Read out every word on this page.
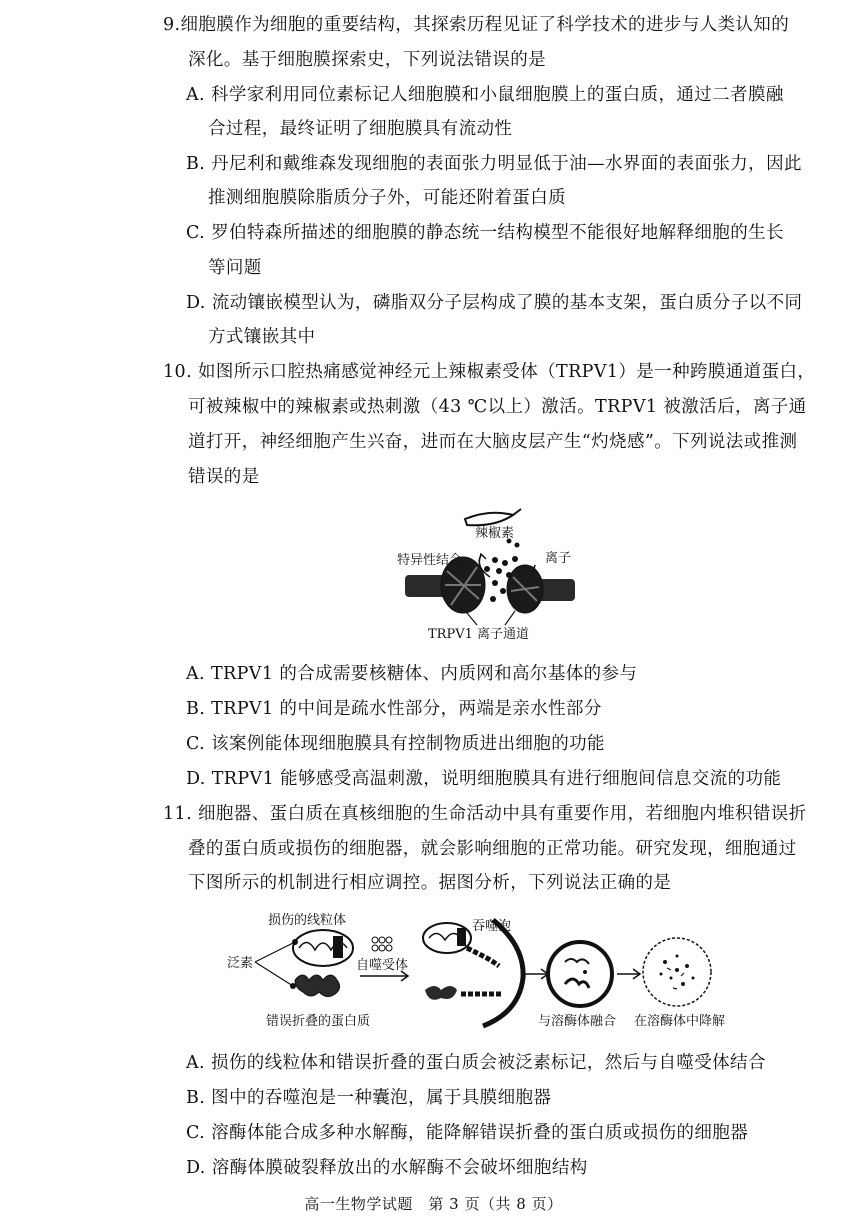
9.细胞膜作为细胞的重要结构，其探索历程见证了科学技术的进步与人类认知的
深化。基于细胞膜探索史，下列说法错误的是
A. 科学家利用同位素标记人细胞膜和小鼠细胞膜上的蛋白质，通过二者膜融
合过程，最终证明了细胞膜具有流动性
B. 丹尼利和戴维森发现细胞的表面张力明显低于油—水界面的表面张力，因此
推测细胞膜除脂质分子外，可能还附着蛋白质
C. 罗伯特森所描述的细胞膜的静态统一结构模型不能很好地解释细胞的生长
等问题
D. 流动镶嵌模型认为，磷脂双分子层构成了膜的基本支架，蛋白质分子以不同
方式镶嵌其中
10. 如图所示口腔热痛感觉神经元上辣椒素受体（TRPV1）是一种跨膜通道蛋白，
可被辣椒中的辣椒素或热刺激（43 ℃以上）激活。TRPV1 被激活后，离子通
道打开，神经细胞产生兴奋，进而在大脑皮层产生“灼烧感”。下列说法或推测
错误的是
辣椒素
特异性结合	离子
TRPV1 离子通道
A. TRPV1 的合成需要核糖体、内质网和高尔基体的参与
B. TRPV1 的中间是疏水性部分，两端是亲水性部分
C. 该案例能体现细胞膜具有控制物质进出细胞的功能
D. TRPV1 能够感受高温刺激，说明细胞膜具有进行细胞间信息交流的功能
11. 细胞器、蛋白质在真核细胞的生命活动中具有重要作用，若细胞内堆积错误折
叠的蛋白质或损伤的细胞器，就会影响细胞的正常功能。研究发现，细胞通过
下图所示的机制进行相应调控。据图分析，下列说法正确的是
损伤的线粒体
泛素
错误折叠的蛋白质
自噬受体
吞噬泡
与溶酶体融合 在溶酶体中降解
A. 损伤的线粒体和错误折叠的蛋白质会被泛素标记，然后与自噬受体结合
B. 图中的吞噬泡是一种囊泡，属于具膜细胞器
C. 溶酶体能合成多种水解酶，能降解错误折叠的蛋白质或损伤的细胞器
D. 溶酶体膜破裂释放出的水解酶不会破坏细胞结构
高一生物学试题　第 3 页（共 8 页）
